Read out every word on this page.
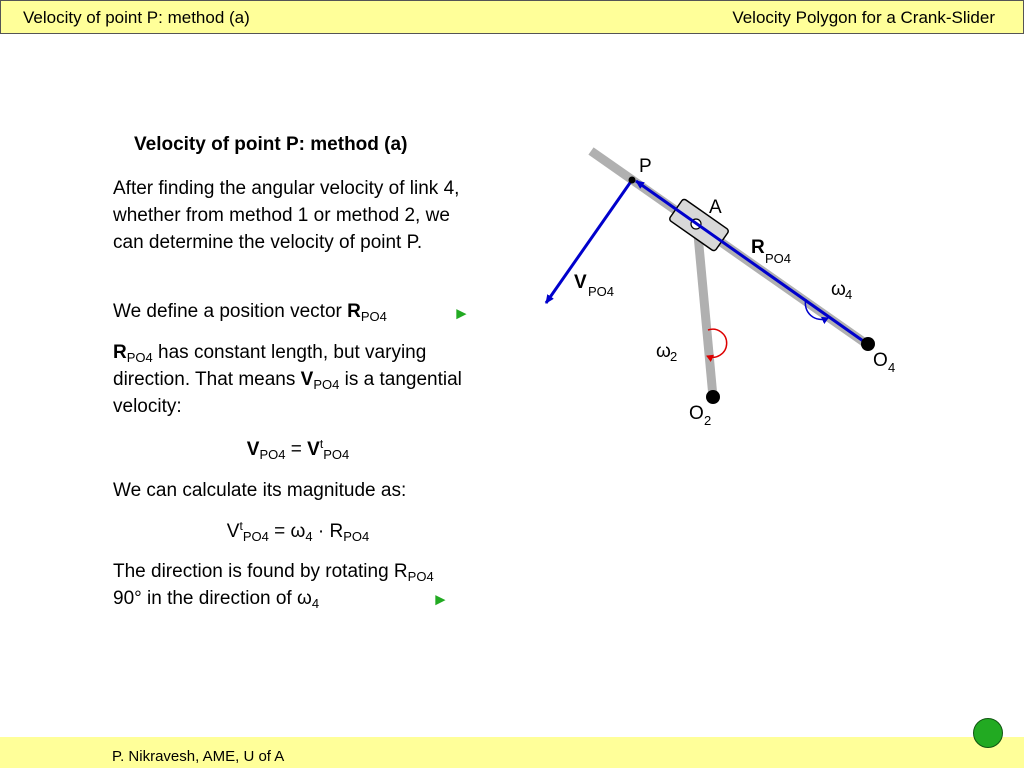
Velocity of point P: method (a)	Velocity Polygon for a Crank-Slider
Velocity of point P: method (a)
After finding the angular velocity of link 4, whether from method 1 or method 2, we can determine the velocity of point P.
We define a position vector $R_{PO4}$	►
$R_{PO4}$ has constant length, but varying direction. That means $V_{PO4}$ is a tangential velocity:
$V_{PO4} = V^t_{PO4}$
We can calculate its magnitude as:
$V^t_{PO4} = \omega_4 \cdot R_{PO4}$
The direction is found by rotating $R_{PO4}$ 90° in the direction of $\omega_4$	►
P
A
R
PO4
V PO4	ω 4
ω 2	O 4
O 2
P. Nikravesh, AME, U of A
